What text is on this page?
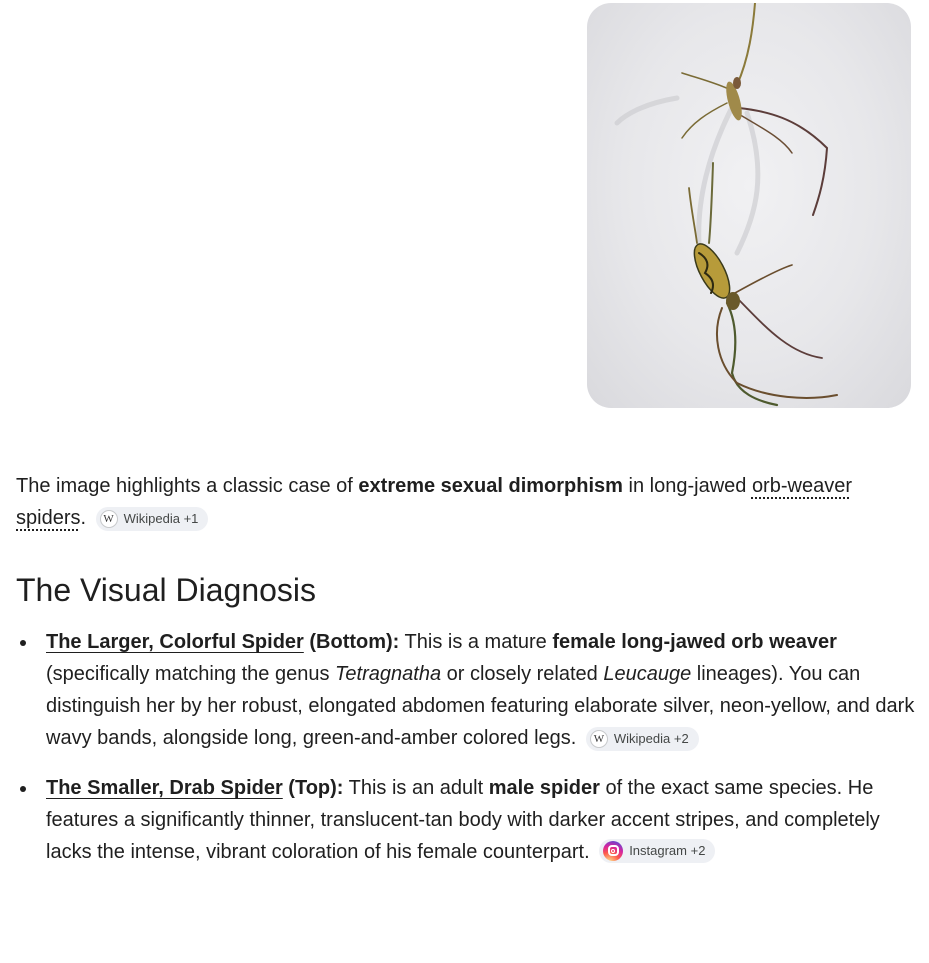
The image highlights a classic case of extreme sexual dimorphism in long-jawed orb-weaver spiders.	W Wikipedia +1

The Visual Diagnosis
The Larger, Colorful Spider (Bottom): This is a mature female long-jawed orb weaver (specifically matching the genus Tetragnatha or closely related Leucauge lineages). You can distinguish her by her robust, elongated abdomen featuring elaborate silver, neon-yellow, and dark wavy bands, alongside long, green-and-amber colored legs.	W Wikipedia +2
The Smaller, Drab Spider (Top): This is an adult male spider of the exact same species. He features a significantly thinner, translucent-tan body with darker accent stripes, and completely lacks the intense, vibrant coloration of his female counterpart.	Instagram +2
